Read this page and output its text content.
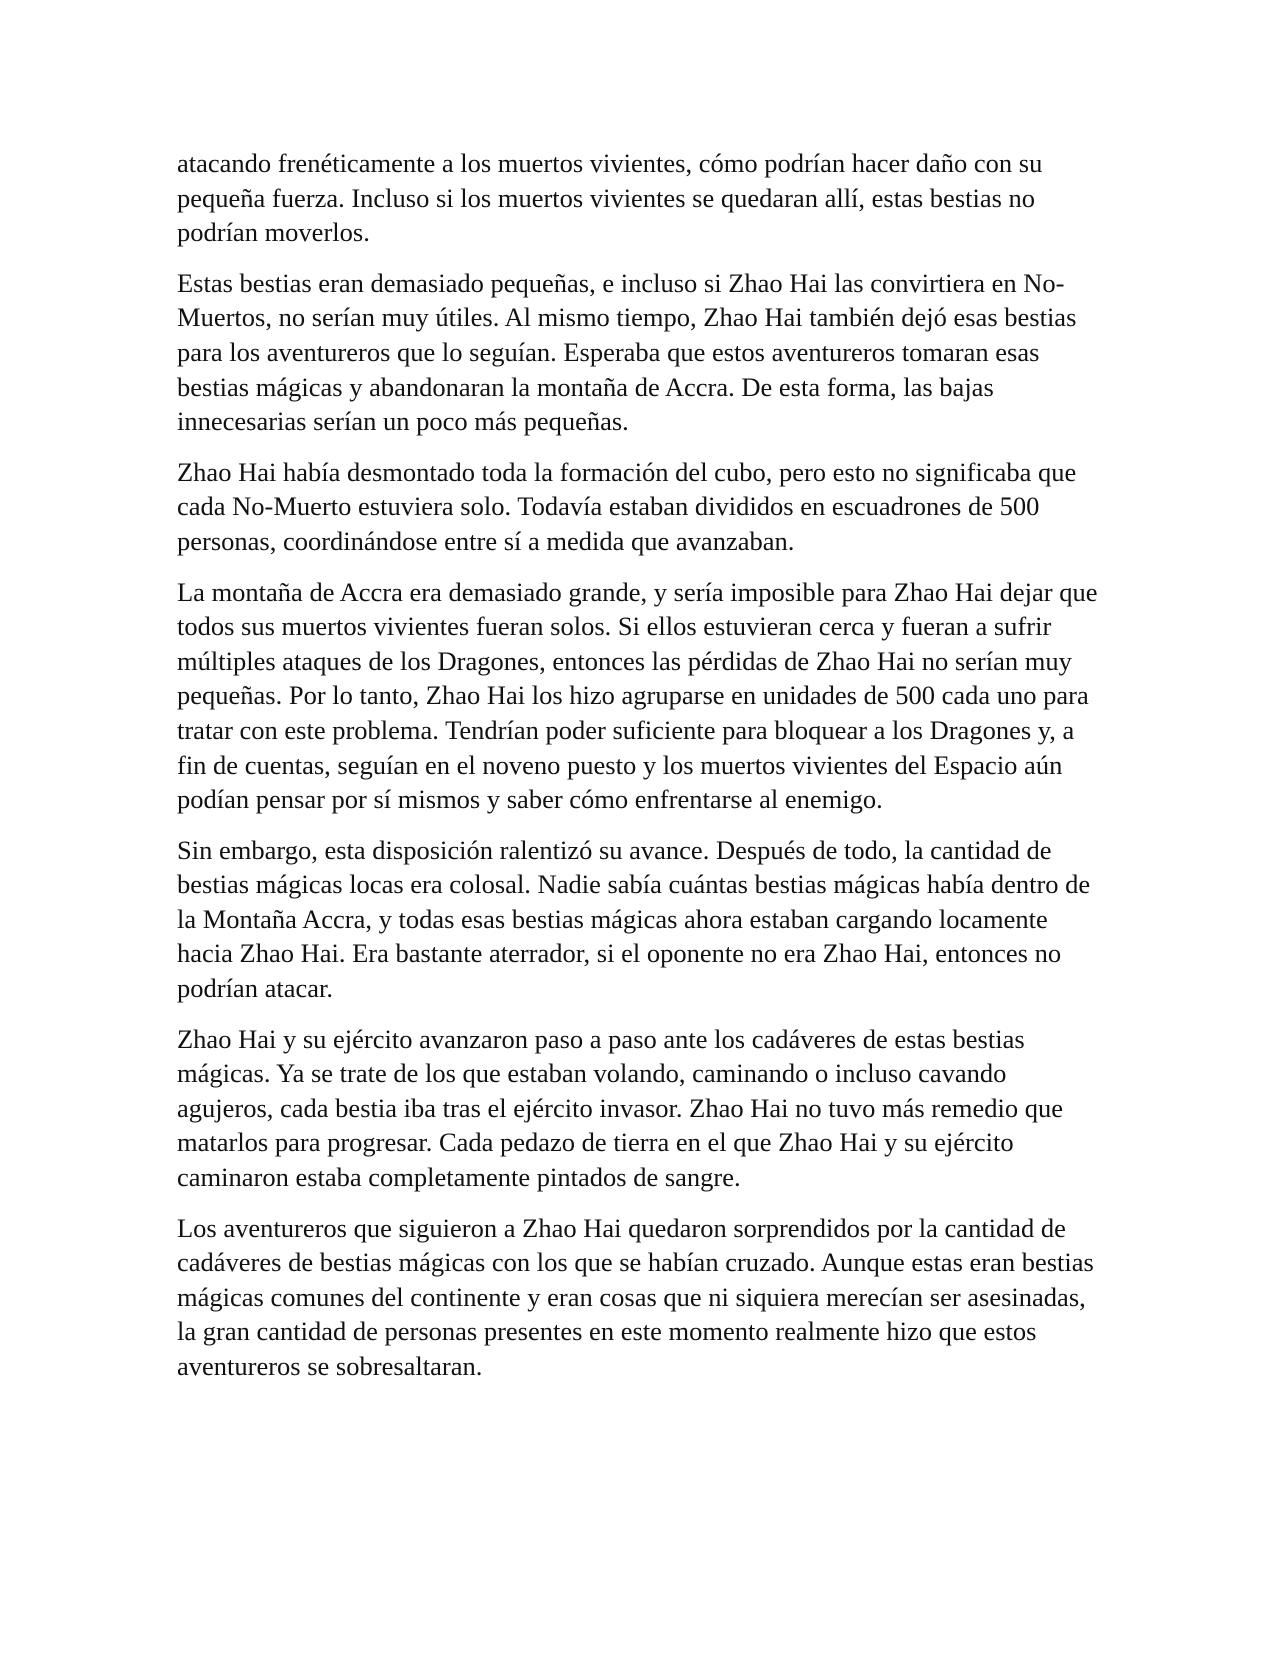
atacando frenéticamente a los muertos vivientes, cómo podrían hacer daño con su pequeña fuerza. Incluso si los muertos vivientes se quedaran allí, estas bestias no podrían moverlos.

Estas bestias eran demasiado pequeñas, e incluso si Zhao Hai las convirtiera en No-Muertos, no serían muy útiles. Al mismo tiempo, Zhao Hai también dejó esas bestias para los aventureros que lo seguían. Esperaba que estos aventureros tomaran esas bestias mágicas y abandonaran la montaña de Accra. De esta forma, las bajas innecesarias serían un poco más pequeñas.

Zhao Hai había desmontado toda la formación del cubo, pero esto no significaba que cada No-Muerto estuviera solo. Todavía estaban divididos en escuadrones de 500 personas, coordinándose entre sí a medida que avanzaban.

La montaña de Accra era demasiado grande, y sería imposible para Zhao Hai dejar que todos sus muertos vivientes fueran solos. Si ellos estuvieran cerca y fueran a sufrir múltiples ataques de los Dragones, entonces las pérdidas de Zhao Hai no serían muy pequeñas. Por lo tanto, Zhao Hai los hizo agruparse en unidades de 500 cada uno para tratar con este problema. Tendrían poder suficiente para bloquear a los Dragones y, a fin de cuentas, seguían en el noveno puesto y los muertos vivientes del Espacio aún podían pensar por sí mismos y saber cómo enfrentarse al enemigo.

Sin embargo, esta disposición ralentizó su avance. Después de todo, la cantidad de bestias mágicas locas era colosal. Nadie sabía cuántas bestias mágicas había dentro de la Montaña Accra, y todas esas bestias mágicas ahora estaban cargando locamente hacia Zhao Hai. Era bastante aterrador, si el oponente no era Zhao Hai, entonces no podrían atacar.

Zhao Hai y su ejército avanzaron paso a paso ante los cadáveres de estas bestias mágicas. Ya se trate de los que estaban volando, caminando o incluso cavando agujeros, cada bestia iba tras el ejército invasor. Zhao Hai no tuvo más remedio que matarlos para progresar. Cada pedazo de tierra en el que Zhao Hai y su ejército caminaron estaba completamente pintados de sangre.

Los aventureros que siguieron a Zhao Hai quedaron sorprendidos por la cantidad de cadáveres de bestias mágicas con los que se habían cruzado. Aunque estas eran bestias mágicas comunes del continente y eran cosas que ni siquiera merecían ser asesinadas, la gran cantidad de personas presentes en este momento realmente hizo que estos aventureros se sobresaltaran.
